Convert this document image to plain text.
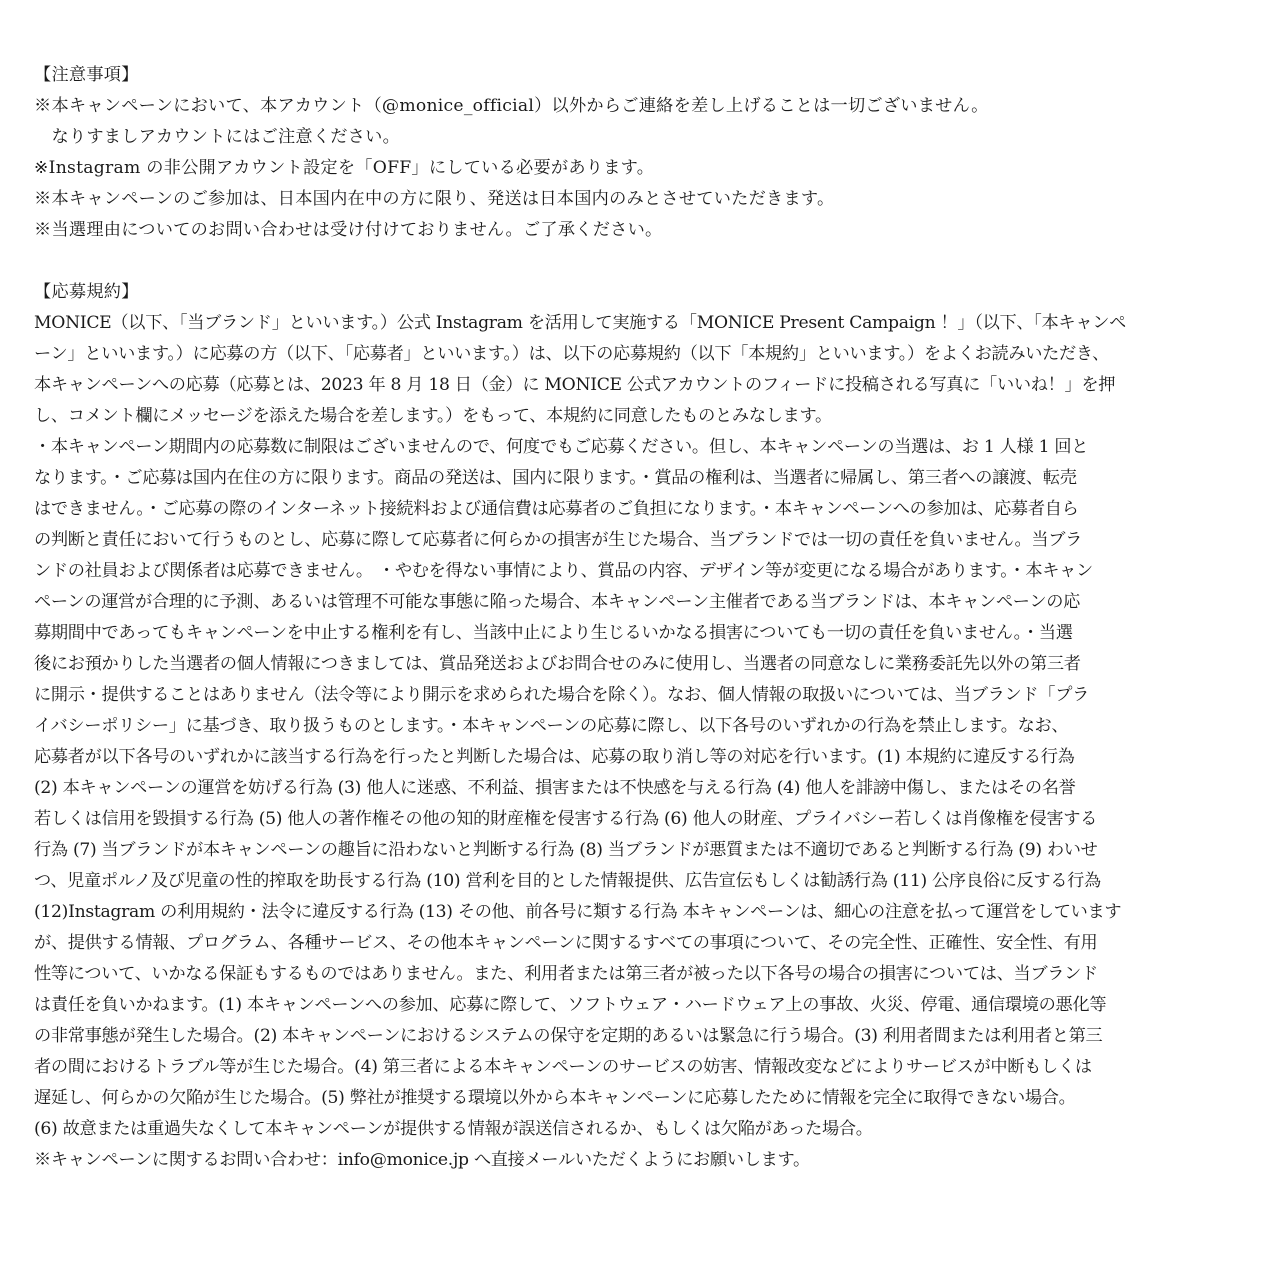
【注意事項】
※本キャンペーンにおいて、本アカウント（@monice_official）以外からご連絡を差し上げることは一切ございません。
　なりすましアカウントにはご注意ください。
※Instagram の非公開アカウント設定を「OFF」にしている必要があります。
※本キャンペーンのご参加は、日本国内在中の方に限り、発送は日本国内のみとさせていただきます。
※当選理由についてのお問い合わせは受け付けておりません。ご了承ください。
【応募規約】
MONICE（以下、「当ブランド」といいます。）公式 Instagram を活用して実施する「MONICE Present Campaign ！」（以下、「本キャンペ
ーン」といいます。）に応募の方（以下、「応募者」といいます。）は、以下の応募規約（以下「本規約」といいます。）をよくお読みいただき、
本キャンペーンへの応募（応募とは、2023 年 8 月 18 日（金）に MONICE 公式アカウントのフィードに投稿される写真に「いいね！」を押
し、コメント欄にメッセージを添えた場合を差します。）をもって、本規約に同意したものとみなします。
・本キャンペーン期間内の応募数に制限はございませんので、何度でもご応募ください。但し、本キャンペーンの当選は、お 1 人様 1 回と
なります。・ご応募は国内在住の方に限ります。商品の発送は、国内に限ります。・賞品の権利は、当選者に帰属し、第三者への譲渡、転売
はできません。・ご応募の際のインターネット接続料および通信費は応募者のご負担になります。・本キャンペーンへの参加は、応募者自ら
の判断と責任において行うものとし、応募に際して応募者に何らかの損害が生じた場合、当ブランドでは一切の責任を負いません。当ブラ
ンドの社員および関係者は応募できません。 ・やむを得ない事情により、賞品の内容、デザイン等が変更になる場合があります。・本キャン
ペーンの運営が合理的に予測、あるいは管理不可能な事態に陥った場合、本キャンペーン主催者である当ブランドは、本キャンペーンの応
募期間中であってもキャンペーンを中止する権利を有し、当該中止により生じるいかなる損害についても一切の責任を負いません。・当選
後にお預かりした当選者の個人情報につきましては、賞品発送およびお問合せのみに使用し、当選者の同意なしに業務委託先以外の第三者
に開示・提供することはありません（法令等により開示を求められた場合を除く）。なお、個人情報の取扱いについては、当ブランド「プラ
イバシーポリシー」に基づき、取り扱うものとします。・本キャンペーンの応募に際し、以下各号のいずれかの行為を禁止します。なお、
応募者が以下各号のいずれかに該当する行為を行ったと判断した場合は、応募の取り消し等の対応を行います。(1) 本規約に違反する行為
(2) 本キャンペーンの運営を妨げる行為 (3) 他人に迷惑、不利益、損害または不快感を与える行為 (4) 他人を誹謗中傷し、またはその名誉
若しくは信用を毀損する行為 (5) 他人の著作権その他の知的財産権を侵害する行為 (6) 他人の財産、プライバシー若しくは肖像権を侵害する
行為 (7) 当ブランドが本キャンペーンの趣旨に沿わないと判断する行為 (8) 当ブランドが悪質または不適切であると判断する行為 (9) わいせ
つ、児童ポルノ及び児童の性的搾取を助長する行為 (10) 営利を目的とした情報提供、広告宣伝もしくは勧誘行為 (11) 公序良俗に反する行為
(12)Instagram の利用規約・法令に違反する行為 (13) その他、前各号に類する行為 本キャンペーンは、細心の注意を払って運営をしています
が、提供する情報、プログラム、各種サービス、その他本キャンペーンに関するすべての事項について、その完全性、正確性、安全性、有用
性等について、いかなる保証もするものではありません。また、利用者または第三者が被った以下各号の場合の損害については、当ブランド
は責任を負いかねます。(1) 本キャンペーンへの参加、応募に際して、ソフトウェア・ハードウェア上の事故、火災、停電、通信環境の悪化等
の非常事態が発生した場合。(2) 本キャンペーンにおけるシステムの保守を定期的あるいは緊急に行う場合。(3) 利用者間または利用者と第三
者の間におけるトラブル等が生じた場合。(4) 第三者による本キャンペーンのサービスの妨害、情報改変などによりサービスが中断もしくは
遅延し、何らかの欠陥が生じた場合。(5) 弊社が推奨する環境以外から本キャンペーンに応募したために情報を完全に取得できない場合。
(6) 故意または重過失なくして本キャンペーンが提供する情報が誤送信されるか、もしくは欠陥があった場合。
※キャンペーンに関するお問い合わせ：info@monice.jp へ直接メールいただくようにお願いします。
